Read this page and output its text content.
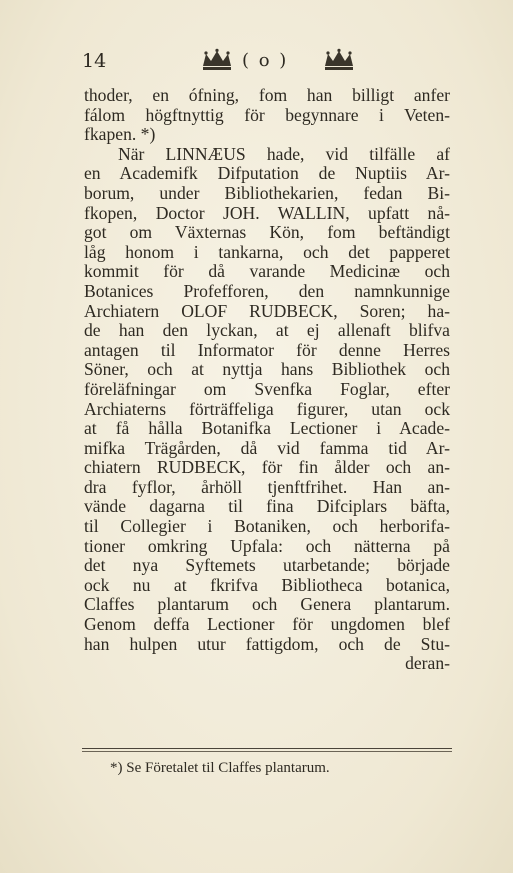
14	( o )
thoder, en ófning, fom han billigt anfer
fálom högftnyttig för begynnare i Veten-
fkapen. *)
När LINNÆUS hade, vid tilfälle af
en Academifk Difputation de Nuptiis Ar-
borum, under Bibliothekarien, fedan Bi-
fkopen, Doctor JOH. WALLIN, upfatt nå-
got om Växternas Kön, fom beftändigt
låg honom i tankarna, och det papperet
kommit för då varande Medicinæ och
Botanices Profefforen, den namnkunnige
Archiatern OLOF RUDBECK, Soren; ha-
de han den lyckan, at ej allenaft blifva
antagen til Informator för denne Herres
Söner, och at nyttja hans Bibliothek och
föreläfningar om Svenfka Foglar, efter
Archiaterns förträffeliga figurer, utan ock
at få hålla Botanifka Lectioner i Acade-
mifka Trägården, då vid famma tid Ar-
chiatern RUDBECK, för fin ålder och an-
dra fyflor, århöll tjenftfrihet. Han an-
vände dagarna til fina Difciplars bäfta,
til Collegier i Botaniken, och herborifa-
tioner omkring Upfala: och nätterna på
det nya Syftemets utarbetande; började
ock nu at fkrifva Bibliotheca botanica,
Claffes plantarum och Genera plantarum.
Genom deffa Lectioner för ungdomen blef
han hulpen utur fattigdom, och de Stu-
deran-
*) Se Företalet til Claffes plantarum.
